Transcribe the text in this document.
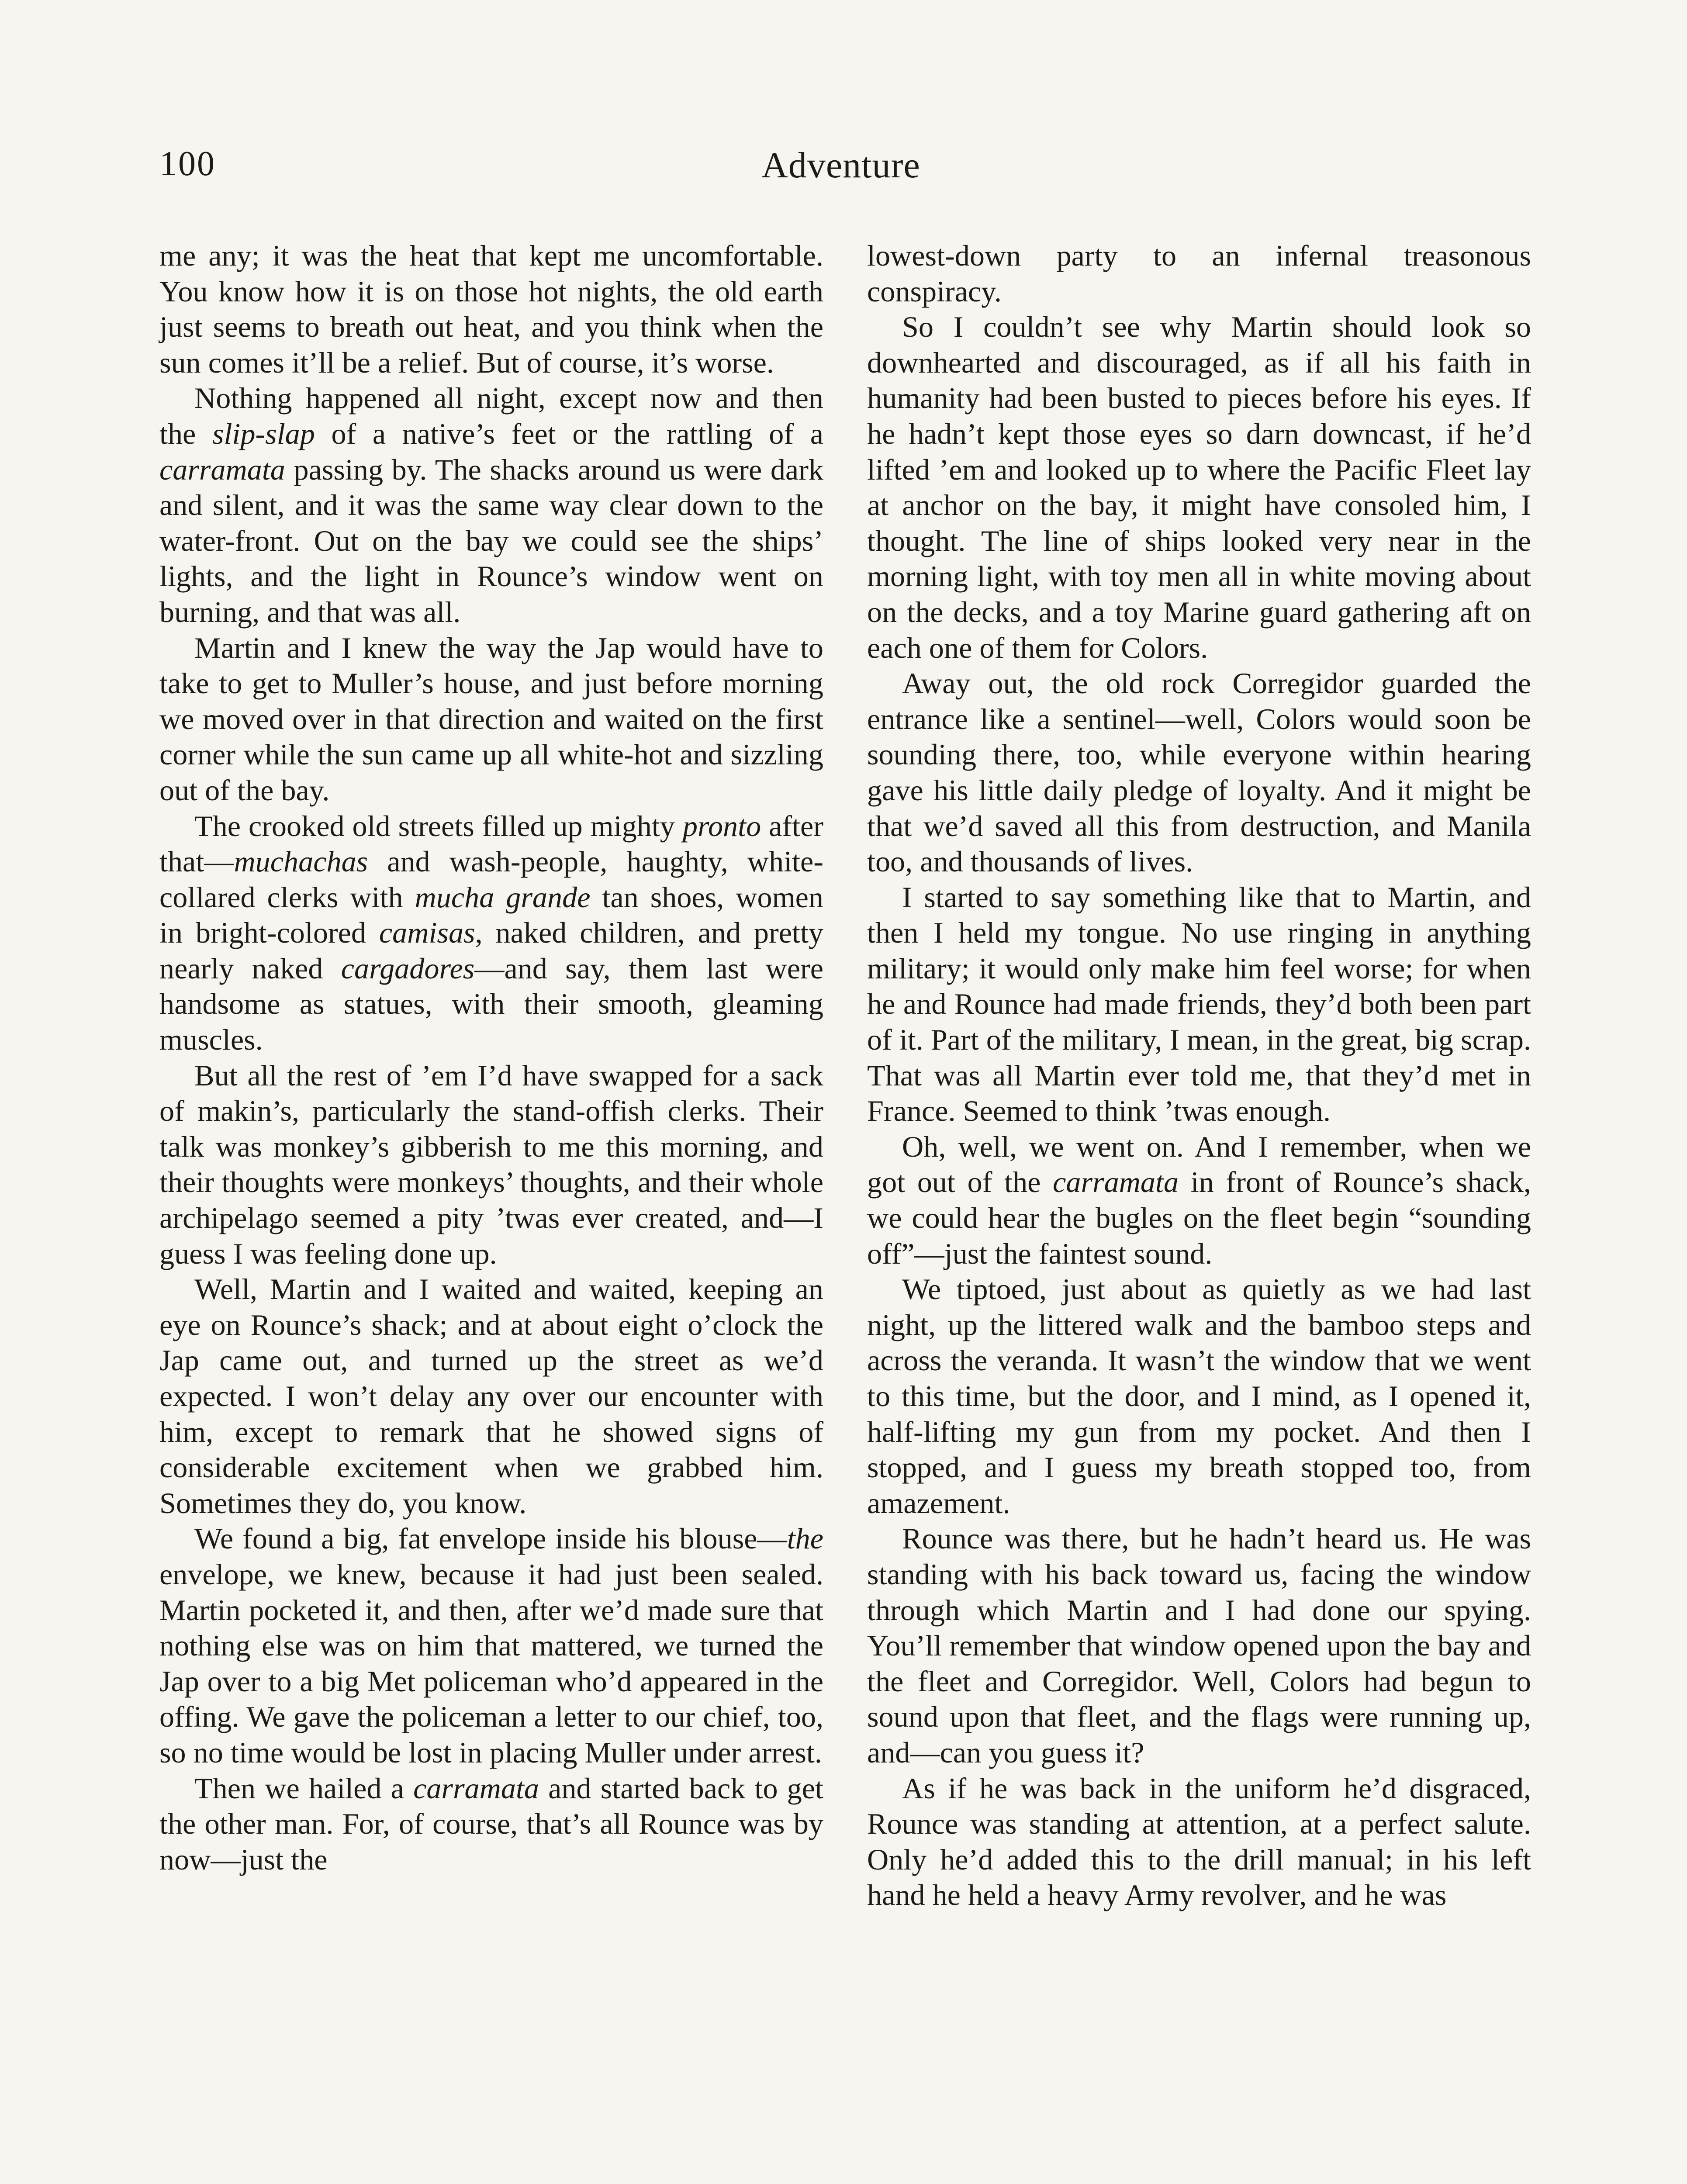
100	Adventure

me any; it was the heat that kept me uncomfortable. You know how it is on those hot nights, the old earth just seems to breath out heat, and you think when the sun comes it’ll be a relief. But of course, it’s worse.

Nothing happened all night, except now and then the slip-slap of a native’s feet or the rattling of a carramata passing by. The shacks around us were dark and silent, and it was the same way clear down to the water-front. Out on the bay we could see the ships’ lights, and the light in Rounce’s window went on burning, and that was all.

Martin and I knew the way the Jap would have to take to get to Muller’s house, and just before morning we moved over in that direction and waited on the first corner while the sun came up all white-hot and sizzling out of the bay.

The crooked old streets filled up mighty pronto after that—muchachas and wash-people, haughty, white-collared clerks with mucha grande tan shoes, women in bright-colored camisas, naked children, and pretty nearly naked cargadores—and say, them last were handsome as statues, with their smooth, gleaming muscles.

But all the rest of ’em I’d have swapped for a sack of makin’s, particularly the stand-offish clerks. Their talk was monkey’s gibberish to me this morning, and their thoughts were monkeys’ thoughts, and their whole archipelago seemed a pity ’twas ever created, and—I guess I was feeling done up.

Well, Martin and I waited and waited, keeping an eye on Rounce’s shack; and at about eight o’clock the Jap came out, and turned up the street as we’d expected. I won’t delay any over our encounter with him, except to remark that he showed signs of considerable excitement when we grabbed him. Sometimes they do, you know.

We found a big, fat envelope inside his blouse—the envelope, we knew, because it had just been sealed. Martin pocketed it, and then, after we’d made sure that nothing else was on him that mattered, we turned the Jap over to a big Met policeman who’d appeared in the offing. We gave the policeman a letter to our chief, too, so no time would be lost in placing Muller under arrest.

Then we hailed a carramata and started back to get the other man. For, of course, that’s all Rounce was by now—just the

lowest-down party to an infernal treasonous conspiracy.

So I couldn’t see why Martin should look so downhearted and discouraged, as if all his faith in humanity had been busted to pieces before his eyes. If he hadn’t kept those eyes so darn downcast, if he’d lifted ’em and looked up to where the Pacific Fleet lay at anchor on the bay, it might have consoled him, I thought. The line of ships looked very near in the morning light, with toy men all in white moving about on the decks, and a toy Marine guard gathering aft on each one of them for Colors.

Away out, the old rock Corregidor guarded the entrance like a sentinel—well, Colors would soon be sounding there, too, while everyone within hearing gave his little daily pledge of loyalty. And it might be that we’d saved all this from destruction, and Manila too, and thousands of lives.

I started to say something like that to Martin, and then I held my tongue. No use ringing in anything military; it would only make him feel worse; for when he and Rounce had made friends, they’d both been part of it. Part of the military, I mean, in the great, big scrap. That was all Martin ever told me, that they’d met in France. Seemed to think ’twas enough.

Oh, well, we went on. And I remember, when we got out of the carramata in front of Rounce’s shack, we could hear the bugles on the fleet begin “sounding off”—just the faintest sound.

We tiptoed, just about as quietly as we had last night, up the littered walk and the bamboo steps and across the veranda. It wasn’t the window that we went to this time, but the door, and I mind, as I opened it, half-lifting my gun from my pocket. And then I stopped, and I guess my breath stopped too, from amazement.

Rounce was there, but he hadn’t heard us. He was standing with his back toward us, facing the window through which Martin and I had done our spying. You’ll remember that window opened upon the bay and the fleet and Corregidor. Well, Colors had begun to sound upon that fleet, and the flags were running up, and—can you guess it?

As if he was back in the uniform he’d disgraced, Rounce was standing at attention, at a perfect salute. Only he’d added this to the drill manual; in his left hand he held a heavy Army revolver, and he was
